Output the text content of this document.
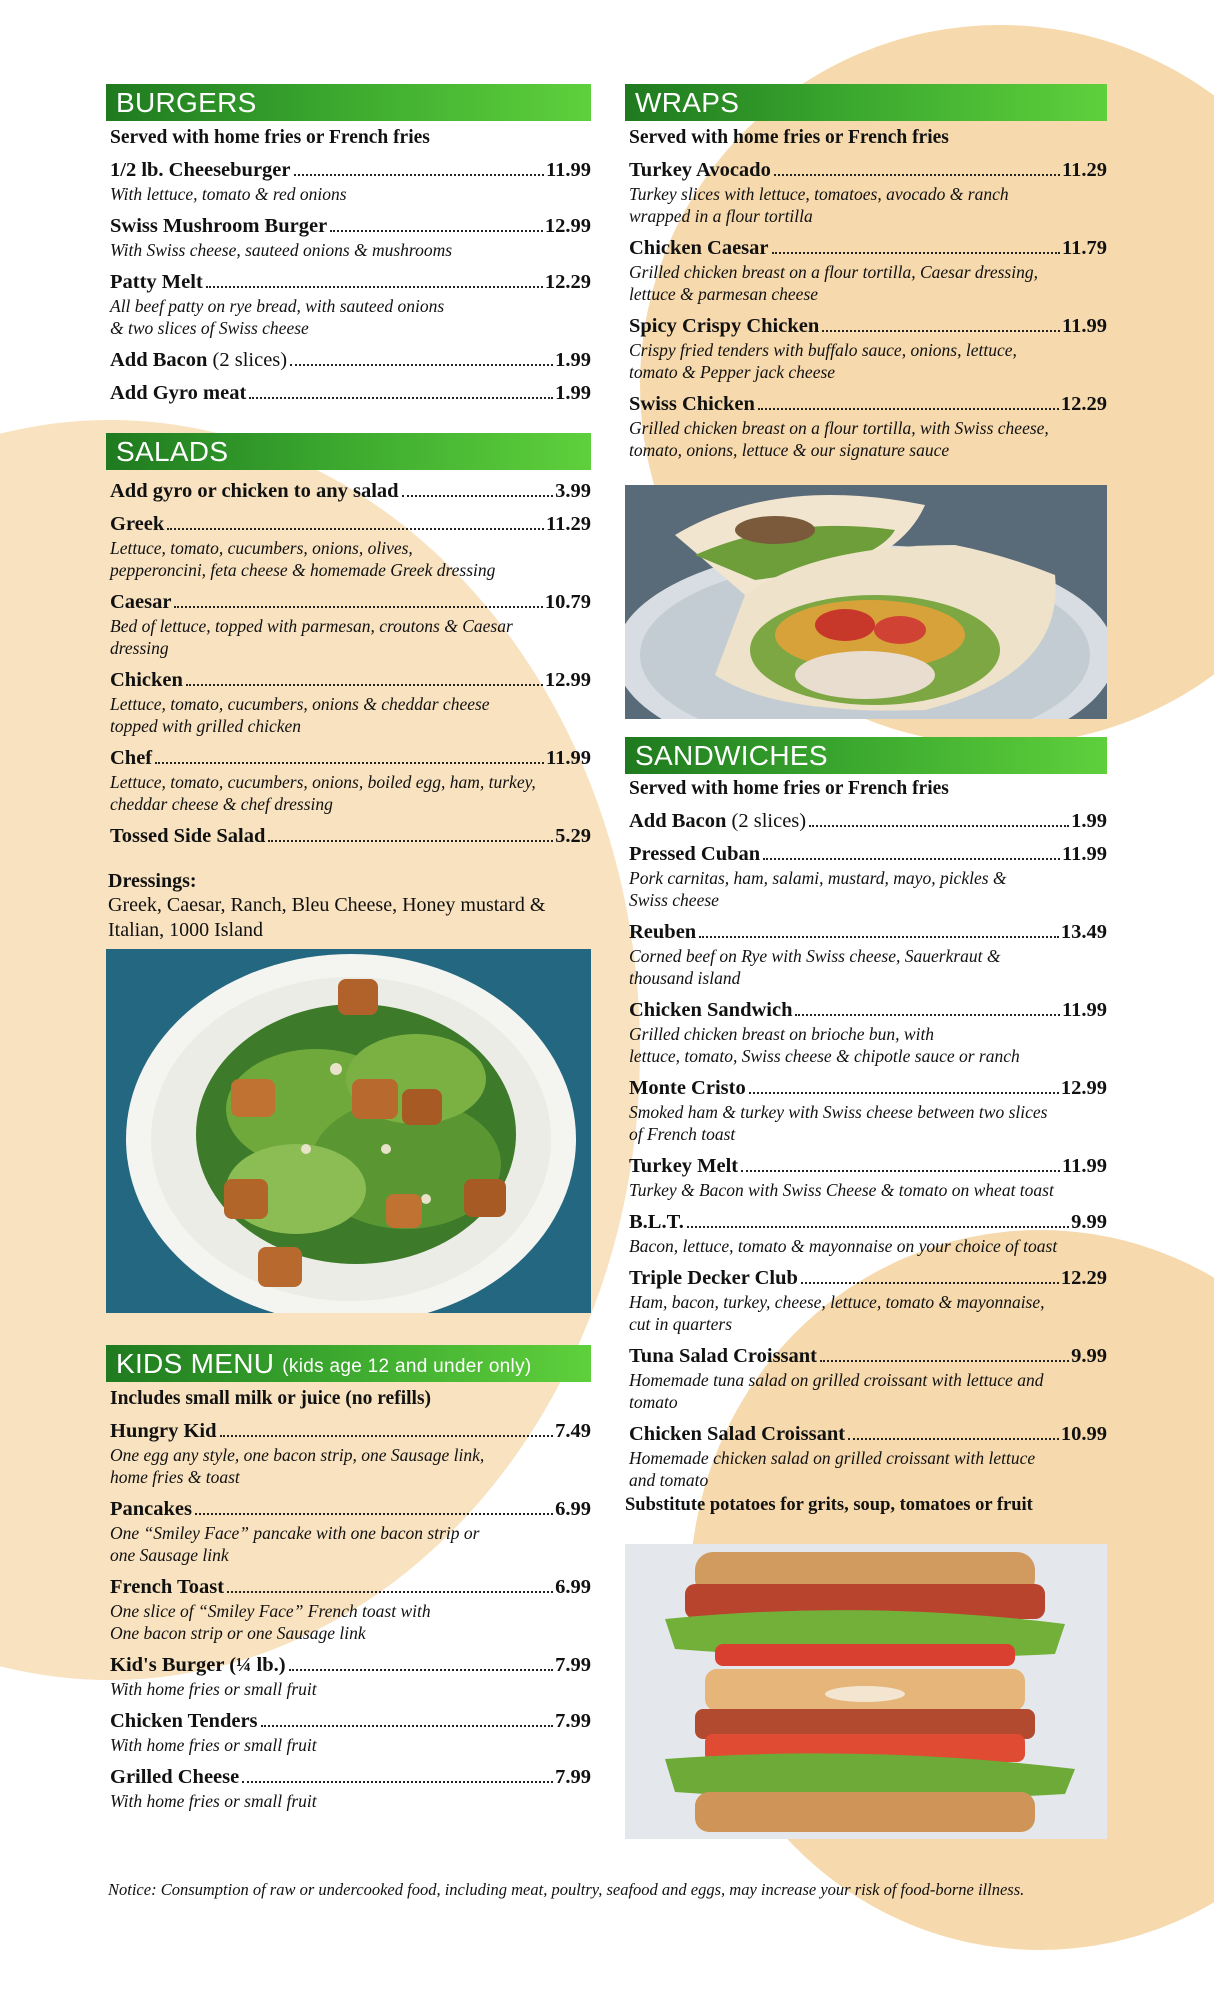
BURGERS
Served with home fries or French fries
1/2 lb. Cheeseburger	11.99
With lettuce, tomato & red onions
Swiss Mushroom Burger	12.99
With Swiss cheese, sauteed onions & mushrooms
Patty Melt	12.29
All beef patty on rye bread, with sauteed onions
& two slices of Swiss cheese
Add Bacon (2 slices)	1.99
Add Gyro meat	1.99
SALADS
Add gyro or chicken to any salad	3.99
Greek	11.29
Lettuce, tomato, cucumbers, onions, olives,
pepperoncini, feta cheese & homemade Greek dressing
Caesar	10.79
Bed of lettuce, topped with parmesan, croutons & Caesar
dressing
Chicken	12.99
Lettuce, tomato, cucumbers, onions & cheddar cheese
topped with grilled chicken
Chef	11.99
Lettuce, tomato, cucumbers, onions, boiled egg, ham, turkey,
cheddar cheese & chef dressing
Tossed Side Salad	5.29
Dressings:
Greek, Caesar, Ranch, Bleu Cheese, Honey mustard & Italian, 1000 Island
KIDS MENU (kids age 12 and under only)
Includes small milk or juice (no refills)
Hungry Kid	7.49
One egg any style, one bacon strip, one Sausage link,
home fries & toast
Pancakes	6.99
One “Smiley Face” pancake with one bacon strip or
one Sausage link
French Toast	6.99
One slice of “Smiley Face” French toast with
One bacon strip or one Sausage link
Kid's Burger (¼ lb.)	7.99
With home fries or small fruit
Chicken Tenders	7.99
With home fries or small fruit
Grilled Cheese	7.99
With home fries or small fruit
WRAPS
Served with home fries or French fries
Turkey Avocado	11.29
Turkey slices with lettuce, tomatoes, avocado & ranch
wrapped in a flour tortilla
Chicken Caesar	11.79
Grilled chicken breast on a flour tortilla, Caesar dressing,
lettuce & parmesan cheese
Spicy Crispy Chicken	11.99
Crispy fried tenders with buffalo sauce, onions, lettuce,
tomato & Pepper jack cheese
Swiss Chicken	12.29
Grilled chicken breast on a flour tortilla, with Swiss cheese,
tomato, onions, lettuce & our signature sauce
SANDWICHES
Served with home fries or French fries
Add Bacon (2 slices)	1.99
Pressed Cuban	11.99
Pork carnitas, ham, salami, mustard, mayo, pickles &
Swiss cheese
Reuben	13.49
Corned beef on Rye with Swiss cheese, Sauerkraut &
thousand island
Chicken Sandwich	11.99
Grilled chicken breast on brioche bun, with
lettuce, tomato, Swiss cheese & chipotle sauce or ranch
Monte Cristo	12.99
Smoked ham & turkey with Swiss cheese between two slices
of French toast
Turkey Melt	11.99
Turkey & Bacon with Swiss Cheese & tomato on wheat toast
B.L.T.	9.99
Bacon, lettuce, tomato & mayonnaise on your choice of toast
Triple Decker Club	12.29
Ham, bacon, turkey, cheese, lettuce, tomato & mayonnaise,
cut in quarters
Tuna Salad Croissant	9.99
Homemade tuna salad on grilled croissant with lettuce and
tomato
Chicken Salad Croissant	10.99
Homemade chicken salad on grilled croissant with lettuce
and tomato
Substitute potatoes for grits, soup, tomatoes or fruit
Notice: Consumption of raw or undercooked food, including meat, poultry, seafood and eggs, may increase your risk of food-borne illness.
